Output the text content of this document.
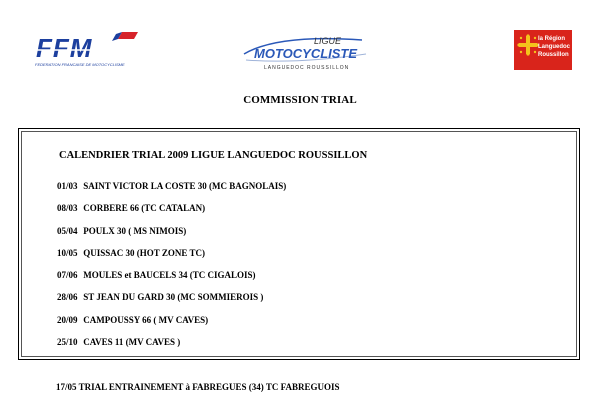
FFM
FEDERATION FRANCAISE DE MOTOCYCLISME
LIGUE
MOTOCYCLISTE
LANGUEDOC ROUSSILLON
la Région
Languedoc
Roussillon
COMMISSION TRIAL
CALENDRIER TRIAL 2009 LIGUE LANGUEDOC ROUSSILLON
01/03 SAINT VICTOR LA COSTE 30 (MC BAGNOLAIS)
08/03 CORBERE 66 (TC CATALAN)
05/04 POULX 30 ( MS NIMOIS)
10/05 QUISSAC 30 (HOT ZONE TC)
07/06 MOULES et BAUCELS 34 (TC CIGALOIS)
28/06 ST JEAN DU GARD 30 (MC SOMMIEROIS )
20/09 CAMPOUSSY 66 ( MV CAVES)
25/10 CAVES 11 (MV CAVES )
17/05 TRIAL ENTRAINEMENT à FABREGUES (34) TC FABREGUOIS
